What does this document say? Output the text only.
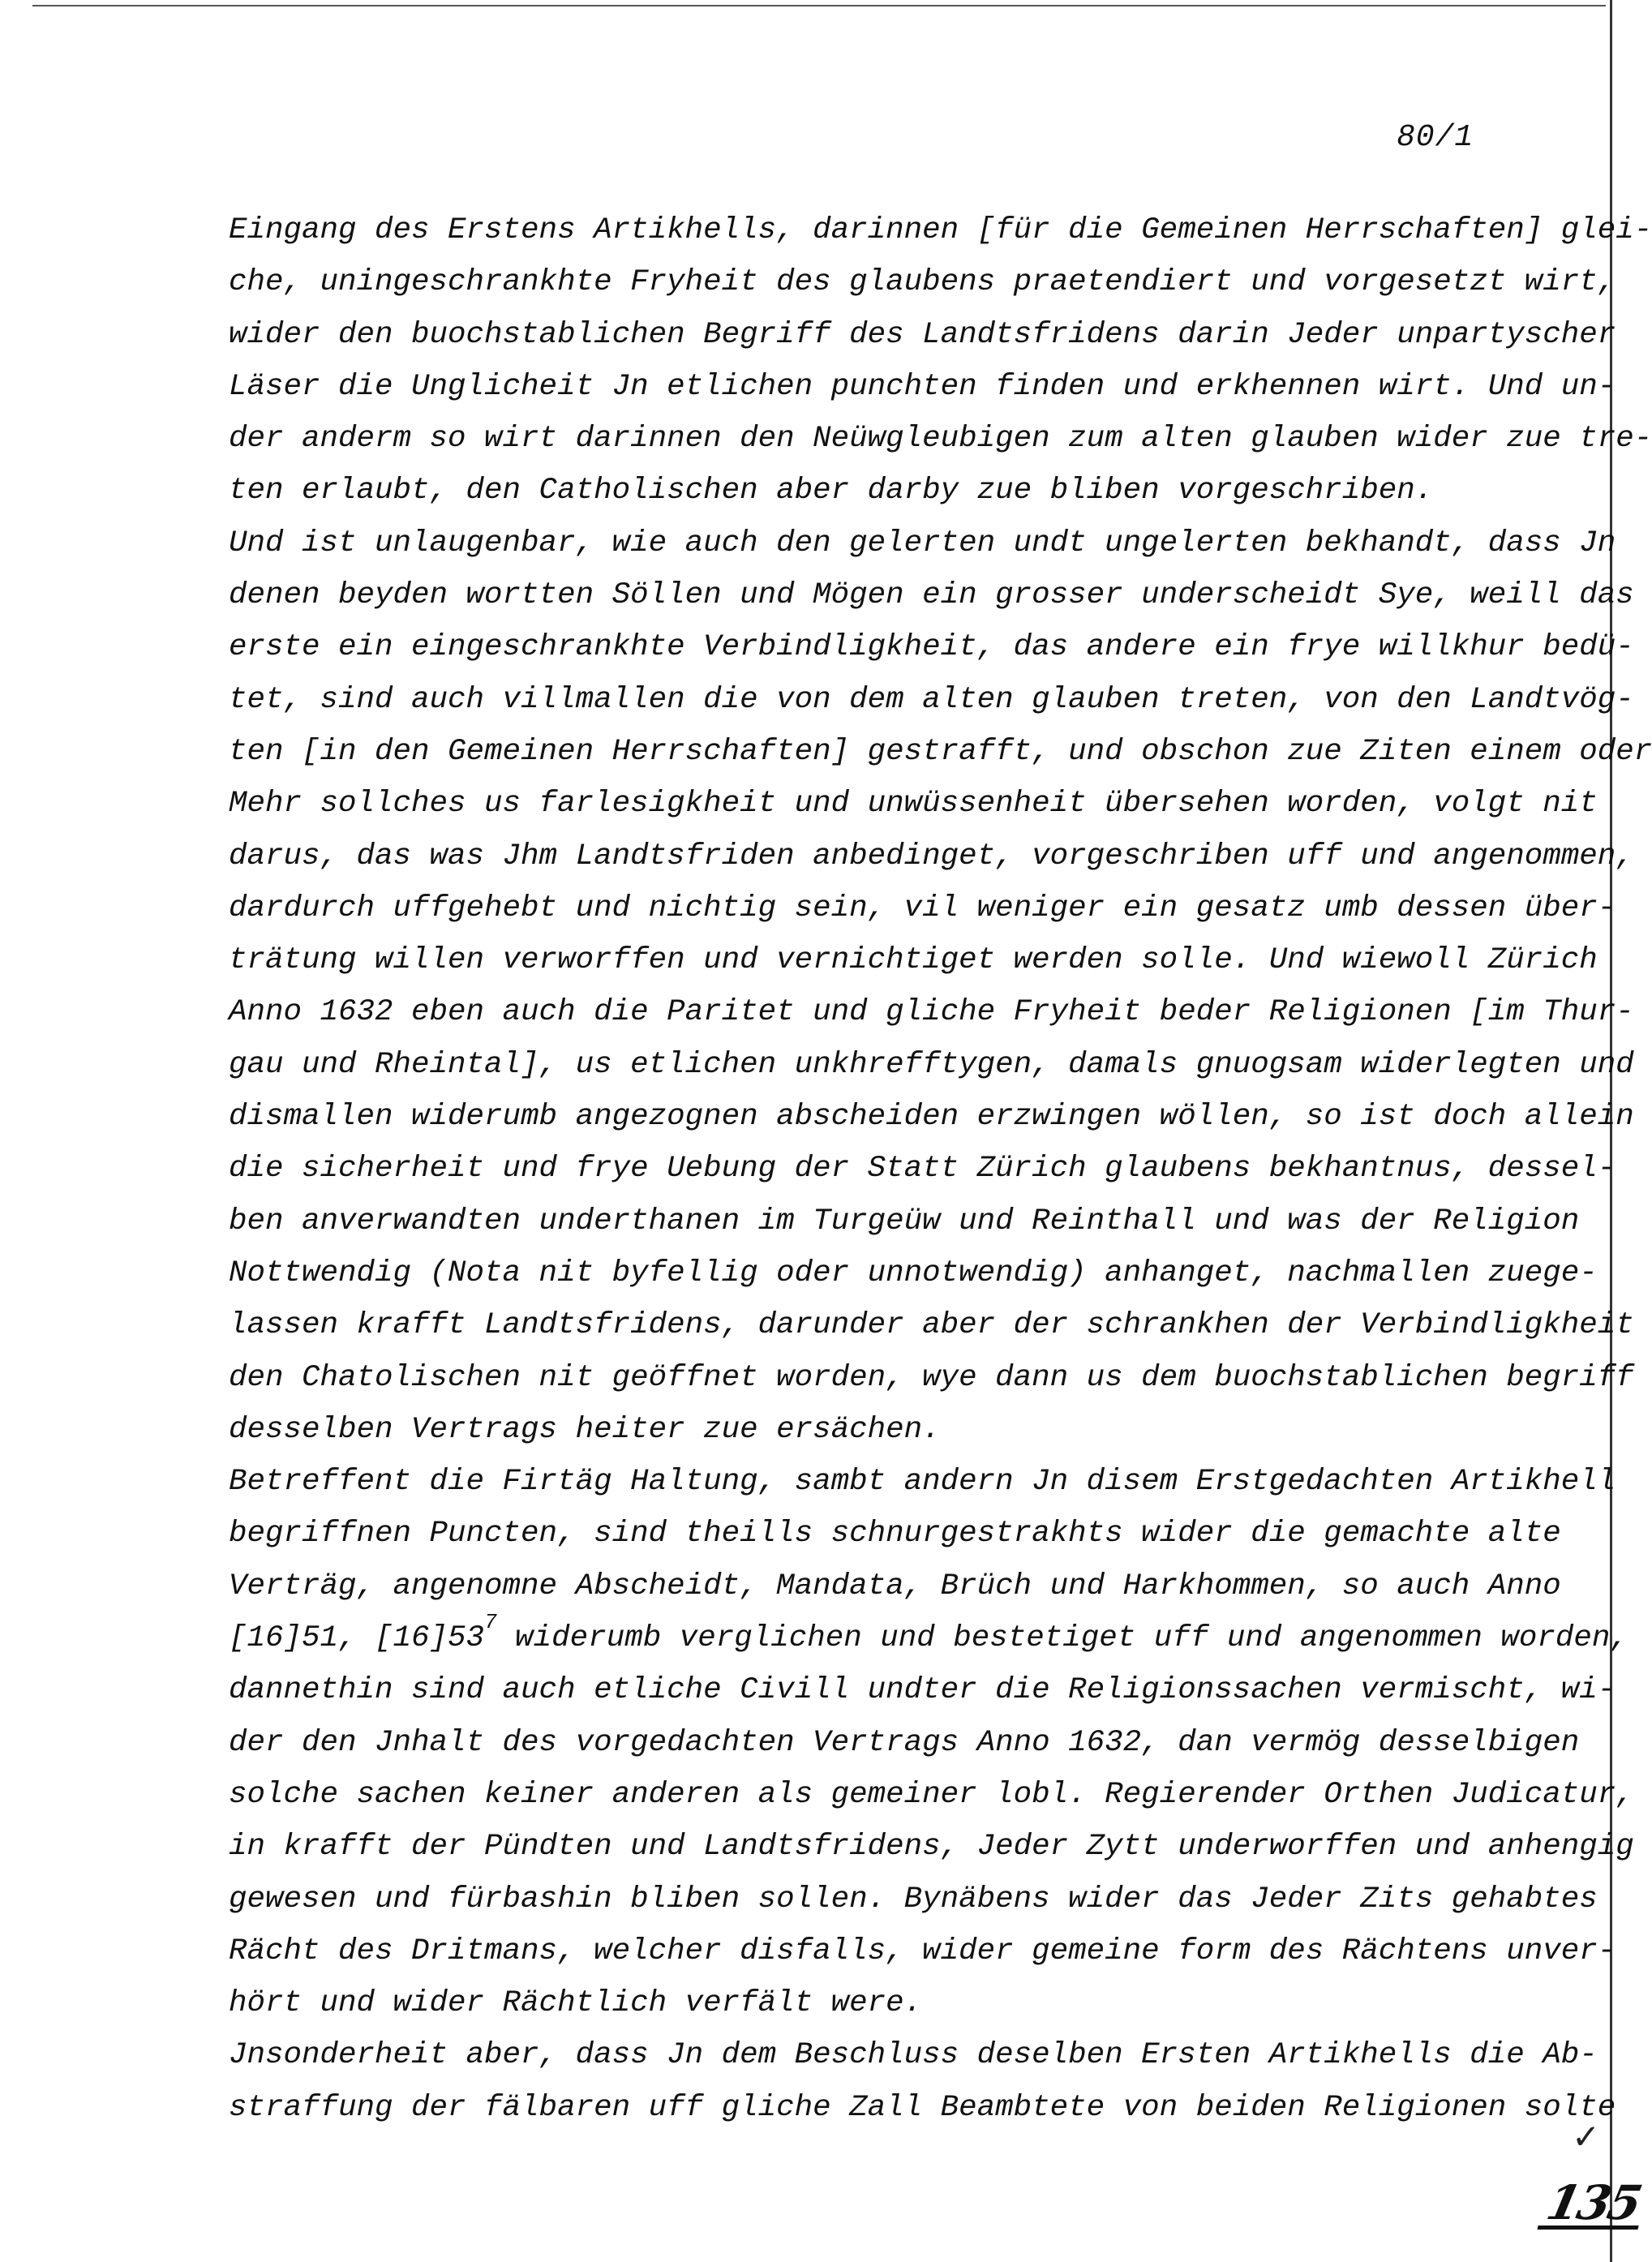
80/1
Eingang des Erstens Artikhells, darinnen [für die Gemeinen Herrschaften] glei-
che, uningeschrankhte Fryheit des glaubens praetendiert und vorgesetzt wirt,
wider den buochstablichen Begriff des Landtsfridens darin Jeder unpartyscher
Läser die Unglicheit Jn etlichen punchten finden und erkhennen wirt. Und un-
der anderm so wirt darinnen den Neüwgleubigen zum alten glauben wider zue tre-
ten erlaubt, den Catholischen aber darby zue bliben vorgeschriben.
Und ist unlaugenbar, wie auch den gelerten undt ungelerten bekhandt, dass Jn
denen beyden wortten Söllen und Mögen ein grosser underscheidt Sye, weill das
erste ein eingeschrankhte Verbindligkheit, das andere ein frye willkhur bedü-
tet, sind auch villmallen die von dem alten glauben treten, von den Landtvög-
ten [in den Gemeinen Herrschaften] gestrafft, und obschon zue Ziten einem oder
Mehr sollches us farlesigkheit und unwüssenheit übersehen worden, volgt nit
darus, das was Jhm Landtsfriden anbedinget, vorgeschriben uff und angenommen,
dardurch uffgehebt und nichtig sein, vil weniger ein gesatz umb dessen über-
trätung willen verworffen und vernichtiget werden solle. Und wiewoll Zürich
Anno 1632 eben auch die Paritet und gliche Fryheit beder Religionen [im Thur-
gau und Rheintal], us etlichen unkhrefftygen, damals gnuogsam widerlegten und
dismallen widerumb angezognen abscheiden erzwingen wöllen, so ist doch allein
die sicherheit und frye Uebung der Statt Zürich glaubens bekhantnus, dessel-
ben anverwandten underthanen im Turgeüw und Reinthall und was der Religion
Nottwendig (Nota nit byfellig oder unnotwendig) anhanget, nachmallen zuege-
lassen krafft Landtsfridens, darunder aber der schrankhen der Verbindligkheit
den Chatolischen nit geöffnet worden, wye dann us dem buochstablichen begriff
desselben Vertrags heiter zue ersächen.
Betreffent die Firtäg Haltung, sambt andern Jn disem Erstgedachten Artikhell
begriffnen Puncten, sind theills schnurgestrakhts wider die gemachte alte
Verträg, angenomne Abscheidt, Mandata, Brüch und Harkhommen, so auch Anno
[16]51, $[16]53^7$ widerumb verglichen und bestetiget uff und angenommen worden,
dannethin sind auch etliche Civill undter die Religionssachen vermischt, wi-
der den Jnhalt des vorgedachten Vertrags Anno 1632, dan vermög desselbigen
solche sachen keiner anderen als gemeiner lobl. Regierender Orthen Judicatur,
in krafft der Pündten und Landtsfridens, Jeder Zytt underworffen und anhengig
gewesen und fürbashin bliben sollen. Bynäbens wider das Jeder Zits gehabtes
Rächt des Dritmans, welcher disfalls, wider gemeine form des Rächtens unver-
hört und wider Rächtlich verfält were.
Jnsonderheit aber, dass Jn dem Beschluss deselben Ersten Artikhells die Ab-
straffung der fälbaren uff gliche Zall Beambtete von beiden Religionen solte
✓
135
